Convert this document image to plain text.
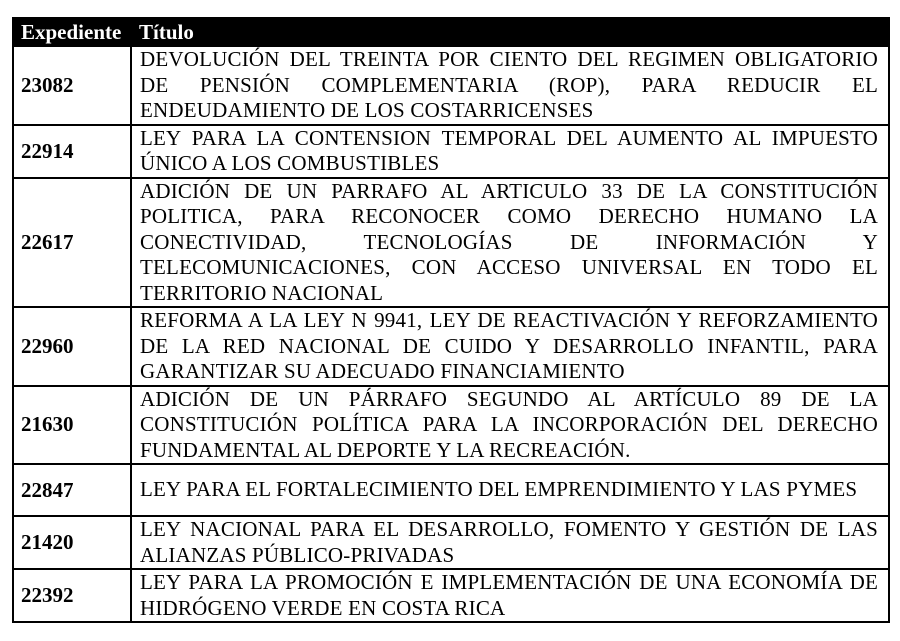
Expediente	Título
23082	DEVOLUCIÓN DEL TREINTA POR CIENTO DEL REGIMEN OBLIGATORIO DE PENSIÓN COMPLEMENTARIA (ROP), PARA REDUCIR EL ENDEUDAMIENTO DE LOS COSTARRICENSES
22914	LEY PARA LA CONTENSION TEMPORAL DEL AUMENTO AL IMPUESTO ÚNICO A LOS COMBUSTIBLES
22617	ADICIÓN DE UN PARRAFO AL ARTICULO 33 DE LA CONSTITUCIÓN POLITICA, PARA RECONOCER COMO DERECHO HUMANO LA CONECTIVIDAD, TECNOLOGÍAS DE INFORMACIÓN Y TELECOMUNICACIONES, CON ACCESO UNIVERSAL EN TODO EL TERRITORIO NACIONAL
22960	REFORMA A LA LEY N 9941, LEY DE REACTIVACIÓN Y REFORZAMIENTO DE LA RED NACIONAL DE CUIDO Y DESARROLLO INFANTIL, PARA GARANTIZAR SU ADECUADO FINANCIAMIENTO
21630	ADICIÓN DE UN PÁRRAFO SEGUNDO AL ARTÍCULO 89 DE LA CONSTITUCIÓN POLÍTICA PARA LA INCORPORACIÓN DEL DERECHO FUNDAMENTAL AL DEPORTE Y LA RECREACIÓN.
22847	LEY PARA EL FORTALECIMIENTO DEL EMPRENDIMIENTO Y LAS PYMES
21420	LEY NACIONAL PARA EL DESARROLLO, FOMENTO Y GESTIÓN DE LAS ALIANZAS PÚBLICO-PRIVADAS
22392	LEY PARA LA PROMOCIÓN E IMPLEMENTACIÓN DE UNA ECONOMÍA DE HIDRÓGENO VERDE EN COSTA RICA
